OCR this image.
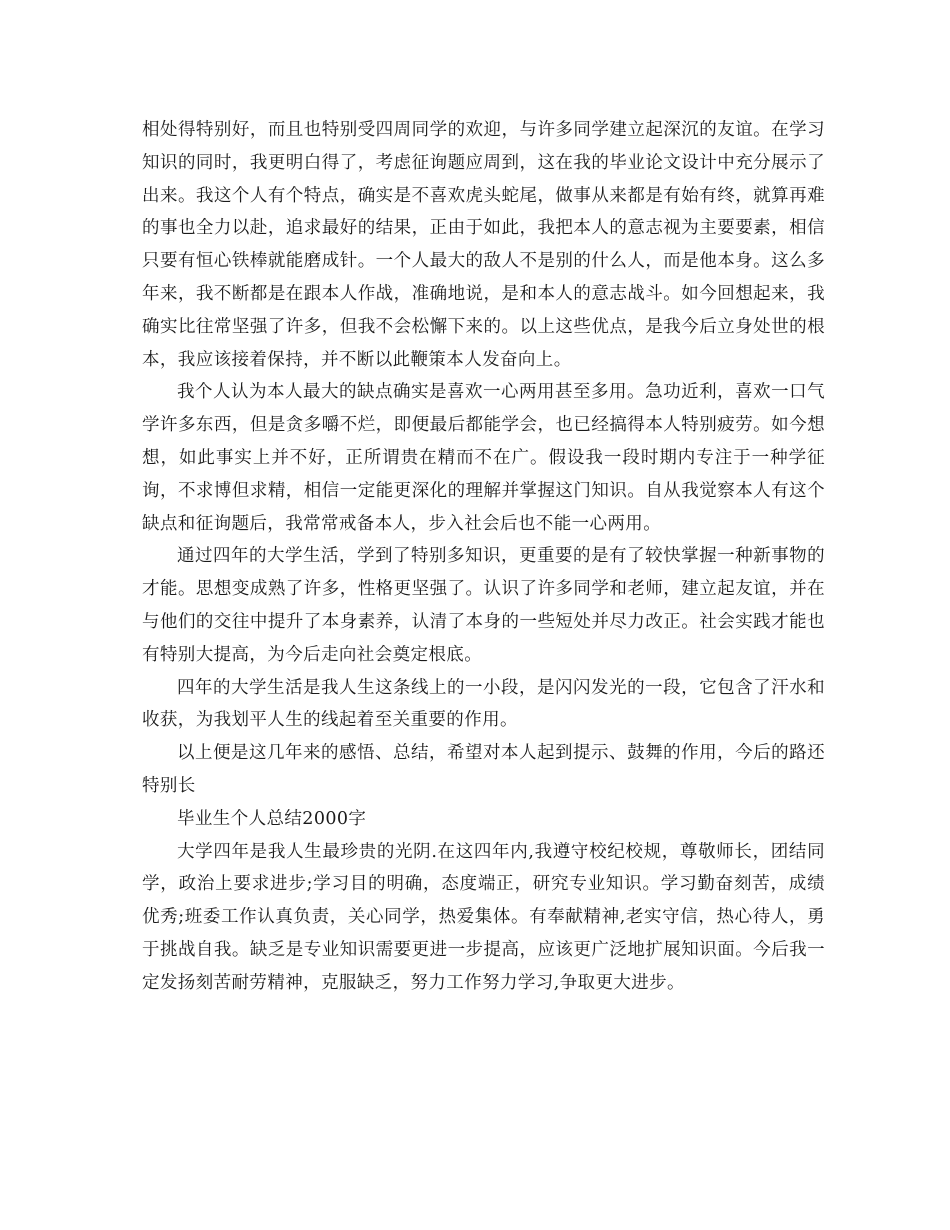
相处得特别好，而且也特别受四周同学的欢迎，与许多同学建立起深沉的友谊。在学习知识的同时，我更明白得了，考虑征询题应周到，这在我的毕业论文设计中充分展示了出来。我这个人有个特点，确实是不喜欢虎头蛇尾，做事从来都是有始有终，就算再难的事也全力以赴，追求最好的结果，正由于如此，我把本人的意志视为主要要素，相信只要有恒心铁棒就能磨成针。一个人最大的敌人不是别的什么人，而是他本身。这么多年来，我不断都是在跟本人作战，准确地说，是和本人的意志战斗。如今回想起来，我确实比往常坚强了许多，但我不会松懈下来的。以上这些优点，是我今后立身处世的根本，我应该接着保持，并不断以此鞭策本人发奋向上。

我个人认为本人最大的缺点确实是喜欢一心两用甚至多用。急功近利，喜欢一口气学许多东西，但是贪多嚼不烂，即便最后都能学会，也已经搞得本人特别疲劳。如今想想，如此事实上并不好，正所谓贵在精而不在广。假设我一段时期内专注于一种学征询，不求博但求精，相信一定能更深化的理解并掌握这门知识。自从我觉察本人有这个缺点和征询题后，我常常戒备本人，步入社会后也不能一心两用。

通过四年的大学生活，学到了特别多知识，更重要的是有了较快掌握一种新事物的才能。思想变成熟了许多，性格更坚强了。认识了许多同学和老师，建立起友谊，并在与他们的交往中提升了本身素养，认清了本身的一些短处并尽力改正。社会实践才能也有特别大提高，为今后走向社会奠定根底。

四年的大学生活是我人生这条线上的一小段，是闪闪发光的一段，它包含了汗水和收获，为我划平人生的线起着至关重要的作用。

以上便是这几年来的感悟、总结，希望对本人起到提示、鼓舞的作用，今后的路还特别长

毕业生个人总结2000字

大学四年是我人生最珍贵的光阴.在这四年内,我遵守校纪校规，尊敬师长，团结同学，政治上要求进步;学习目的明确，态度端正，研究专业知识。学习勤奋刻苦，成绩优秀;班委工作认真负责，关心同学，热爱集体。有奉献精神,老实守信，热心待人，勇于挑战自我。缺乏是专业知识需要更进一步提高，应该更广泛地扩展知识面。今后我一定发扬刻苦耐劳精神，克服缺乏，努力工作努力学习,争取更大进步。
